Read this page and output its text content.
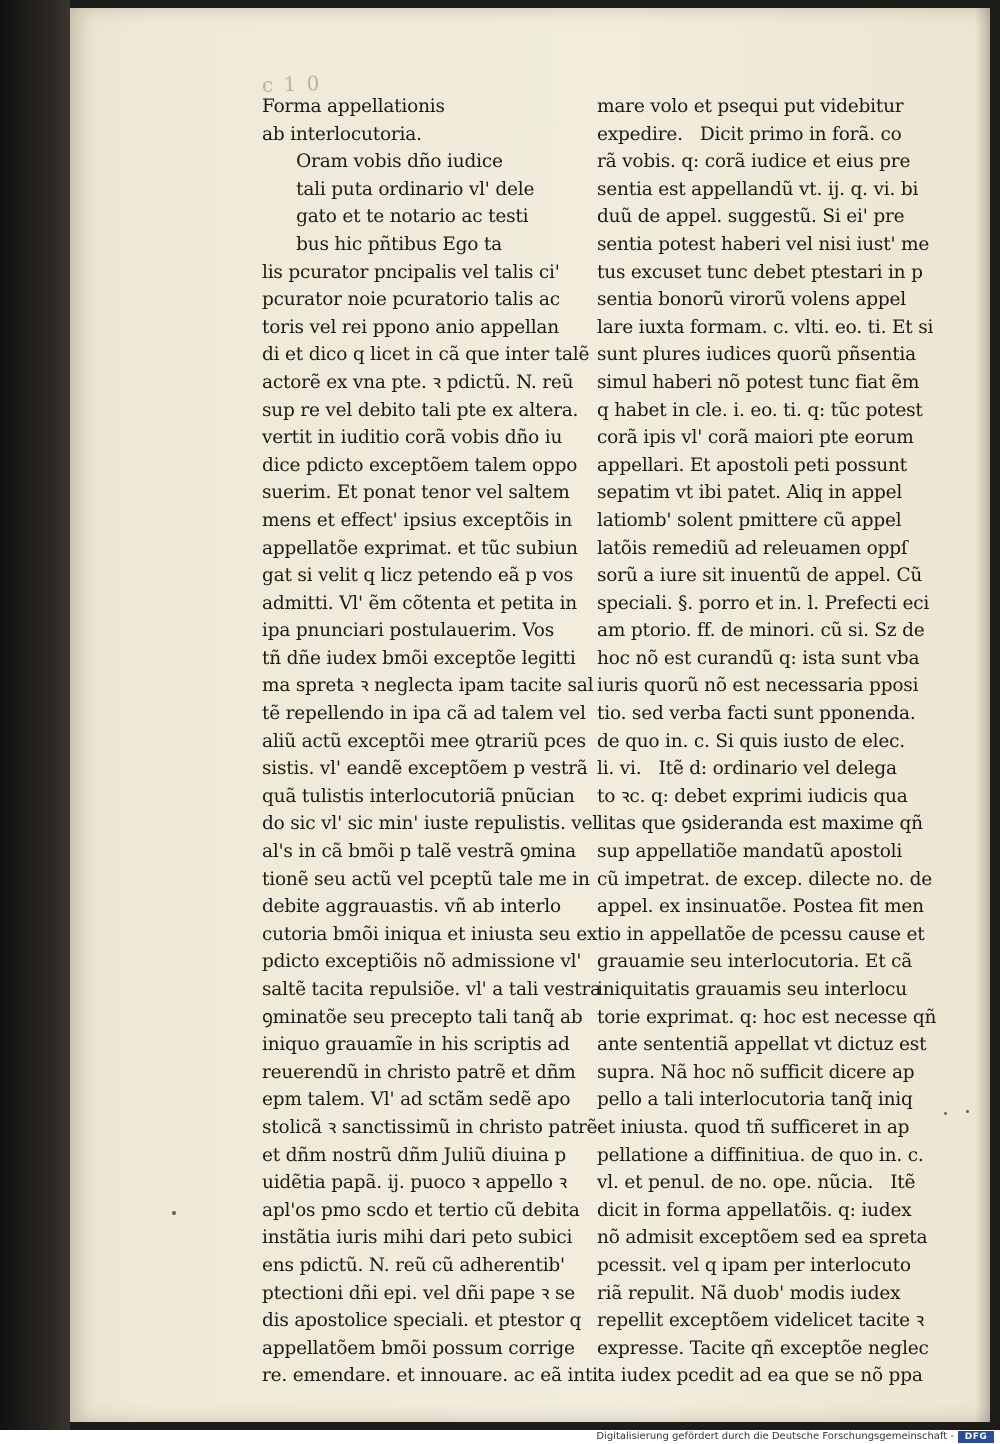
c 1 0
Forma appellationis
ab interlocutoria.
Oram vobis dño iudice
tali puta ordinario vl' dele
gato et te notario ac testi
bus hic pñtibus Ego ta
lis pcurator pncipalis vel talis ci'
pcurator noie pcuratorio talis ac
toris vel rei ppono anio appellan
di et dico q licet in cã que inter talẽ
actorẽ ex vna pte. ꝛ pdictũ. N. reũ
sup re vel debito tali pte ex altera.
vertit in iuditio corã vobis dño iu
dice pdicto exceptõem talem oppo
suerim. Et ponat tenor vel saltem
mens et effect' ipsius exceptõis in
appellatõe exprimat. et tũc subiun
gat si velit q licz petendo eã p vos
admitti. Vl' ẽm cõtenta et petita in
ipa pnunciari postulauerim. Vos
tñ dñe iudex bmõi exceptõe legitti
ma spreta ꝛ neglecta ipam tacite sal
tẽ repellendo in ipa cã ad talem vel
aliũ actũ exceptõi mee ꝯtrariũ pces
sistis. vl' eandẽ exceptõem p vestrã
quã tulistis interlocutoriã pnũcian
do sic vl' sic min' iuste repulistis. vel
al's in cã bmõi p talẽ vestrã ꝯmina
tionẽ seu actũ vel pceptũ tale me in
debite aggrauastis. vñ ab interlo
cutoria bmõi iniqua et iniusta seu ex
pdicto exceptiõis nõ admissione vl'
saltẽ tacita repulsiõe. vl' a tali vestra
ꝯminatõe seu precepto tali tanq̃ ab
iniquo grauamĩe in his scriptis ad
reuerendũ in christo patrẽ et dñm
epm talem. Vl' ad sctãm sedẽ apo
stolicã ꝛ sanctissimũ in christo patrẽ
et dñm nostrũ dñm Juliũ diuina p
uidẽtia papã. ij. puoco ꝛ appello ꝛ
apl'os pmo scdo et tertio cũ debita
instãtia iuris mihi dari peto subici
ens pdictũ. N. reũ cũ adherentib'
ptectioni dñi epi. vel dñi pape ꝛ se
dis apostolice speciali. et ptestor q
appellatõem bmõi possum corrige
re. emendare. et innouare. ac eã inti
mare volo et psequi put videbitur
expedire.   Dicit primo in forã. co
rã vobis. q: corã iudice et eius pre
sentia est appellandũ vt. ij. q. vi. bi
duũ de appel. suggestũ. Si ei' pre
sentia potest haberi vel nisi iust' me
tus excuset tunc debet ptestari in p
sentia bonorũ virorũ volens appel
lare iuxta formam. c. vlti. eo. ti. Et si
sunt plures iudices quorũ pñsentia
simul haberi nõ potest tunc fiat ẽm
q habet in cle. i. eo. ti. q: tũc potest
corã ipis vl' corã maiori pte eorum
appellari. Et apostoli peti possunt
sepatim vt ibi patet. Aliq in appel
latiomb' solent pmittere cũ appel
latõis remediũ ad releuamen oppſ
sorũ a iure sit inuentũ de appel. Cũ
speciali. §. porro et in. l. Prefecti eci
am ptorio. ff. de minori. cũ si. Sz de
hoc nõ est curandũ q: ista sunt vba
iuris quorũ nõ est necessaria pposi
tio. sed verba facti sunt pponenda.
de quo in. c. Si quis iusto de elec.
li. vi.   Itẽ d: ordinario vel delega
to ꝛc. q: debet exprimi iudicis qua
litas que ꝯsideranda est maxime qñ
sup appellatiõe mandatũ apostoli
cũ impetrat. de excep. dilecte no. de
appel. ex insinuatõe. Postea fit men
tio in appellatõe de pcessu cause et
grauamie seu interlocutoria. Et cã
iniquitatis grauamis seu interlocu
torie exprimat. q: hoc est necesse qñ
ante sententiã appellat vt dictuz est
supra. Nã hoc nõ sufficit dicere ap
pello a tali interlocutoria tanq̃ iniq
et iniusta. quod tñ sufficeret in ap
pellatione a diffinitiua. de quo in. c.
vl. et penul. de no. ope. nũcia.   Itẽ
dicit in forma appellatõis. q: iudex
nõ admisit exceptõem sed ea spreta
pcessit. vel q ipam per interlocuto
riã repulit. Nã duob' modis iudex
repellit exceptõem videlicet tacite ꝛ
expresse. Tacite qñ exceptõe neglec
ta iudex pcedit ad ea que se nõ ppa
Digitalisierung gefördert durch die Deutsche Forschungsgemeinschaft -	DFG
